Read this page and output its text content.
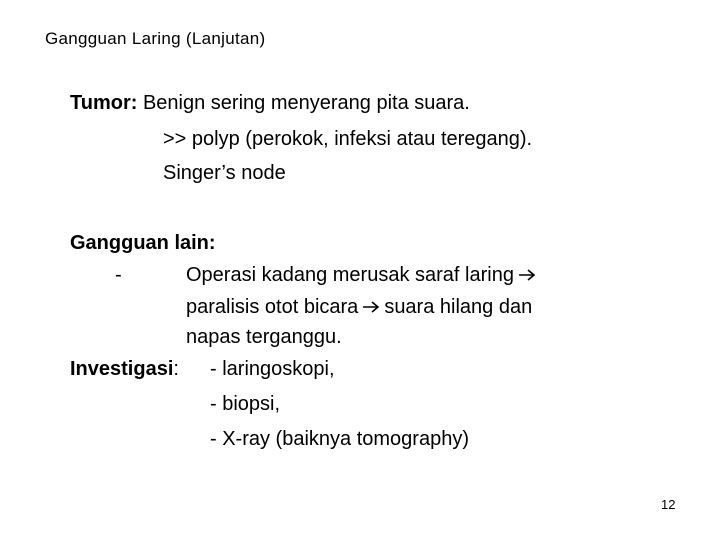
Gangguan Laring (Lanjutan)
Tumor: Benign sering menyerang pita suara.
>> polyp (perokok, infeksi atau teregang).
Singer’s node
Gangguan lain:
-	Operasi kadang merusak saraf laring
paralisis otot bicara suara hilang dan
napas terganggu.
Investigasi: - laringoskopi,
- biopsi,
- X-ray (baiknya tomography)
12
